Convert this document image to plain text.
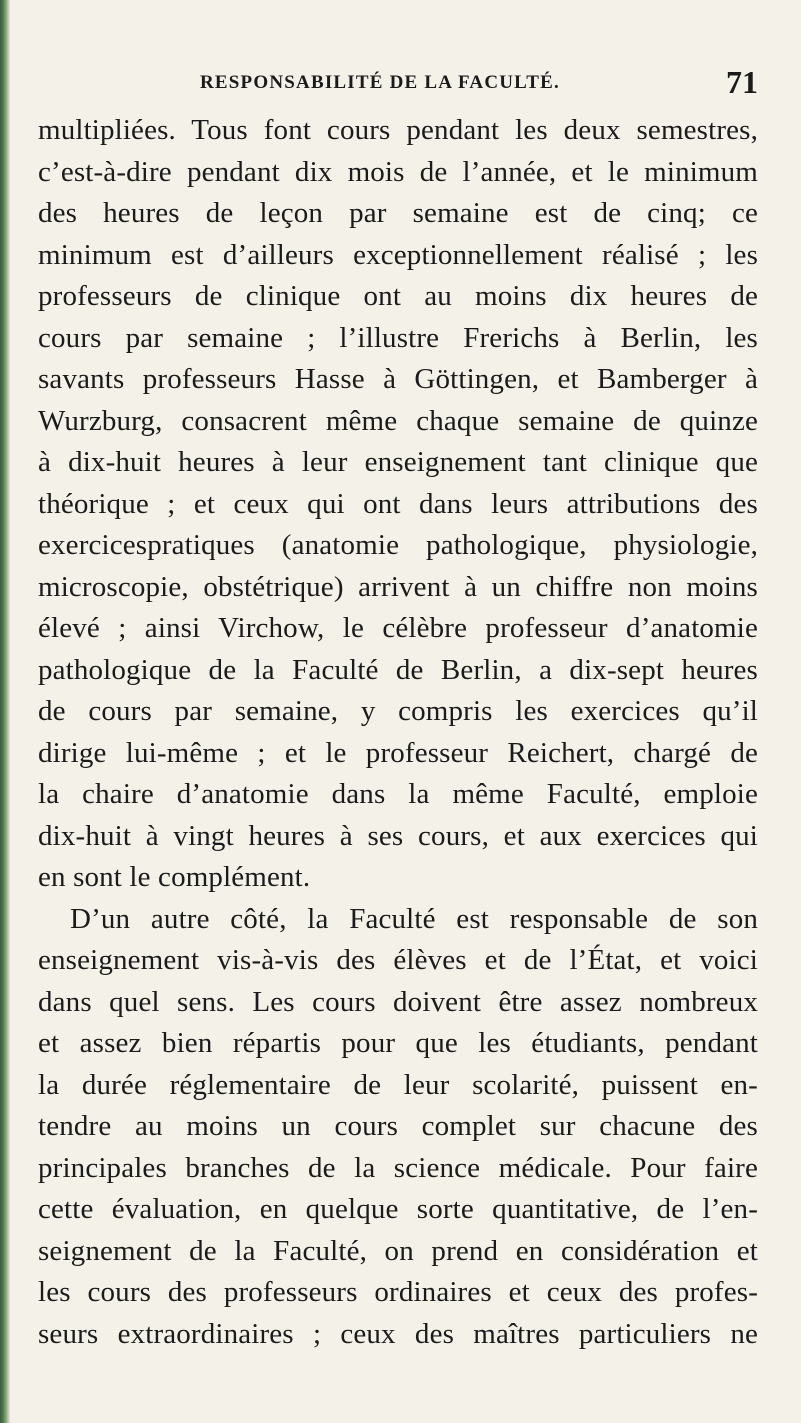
RESPONSABILITÉ DE LA FACULTÉ.	71
multipliées. Tous font cours pendant les deux semestres,
c’est-à-dire pendant dix mois de l’année, et le minimum
des heures de leçon par semaine est de cinq; ce
minimum est d’ailleurs exceptionnellement réalisé ; les
professeurs de clinique ont au moins dix heures de
cours par semaine ; l’illustre Frerichs à Berlin, les
savants professeurs Hasse à Göttingen, et Bamberger à
Wurzburg, consacrent même chaque semaine de quinze
à dix-huit heures à leur enseignement tant clinique que
théorique ; et ceux qui ont dans leurs attributions des
exercicespratiques (anatomie pathologique, physiologie,
microscopie, obstétrique) arrivent à un chiffre non moins
élevé ; ainsi Virchow, le célèbre professeur d’anatomie
pathologique de la Faculté de Berlin, a dix-sept heures
de cours par semaine, y compris les exercices qu’il
dirige lui-même ; et le professeur Reichert, chargé de
la chaire d’anatomie dans la même Faculté, emploie
dix-huit à vingt heures à ses cours, et aux exercices qui
en sont le complément.
D’un autre côté, la Faculté est responsable de son
enseignement vis-à-vis des élèves et de l’État, et voici
dans quel sens. Les cours doivent être assez nombreux
et assez bien répartis pour que les étudiants, pendant
la durée réglementaire de leur scolarité, puissent en-
tendre au moins un cours complet sur chacune des
principales branches de la science médicale. Pour faire
cette évaluation, en quelque sorte quantitative, de l’en-
seignement de la Faculté, on prend en considération et
les cours des professeurs ordinaires et ceux des profes-
seurs extraordinaires ; ceux des maîtres particuliers ne
